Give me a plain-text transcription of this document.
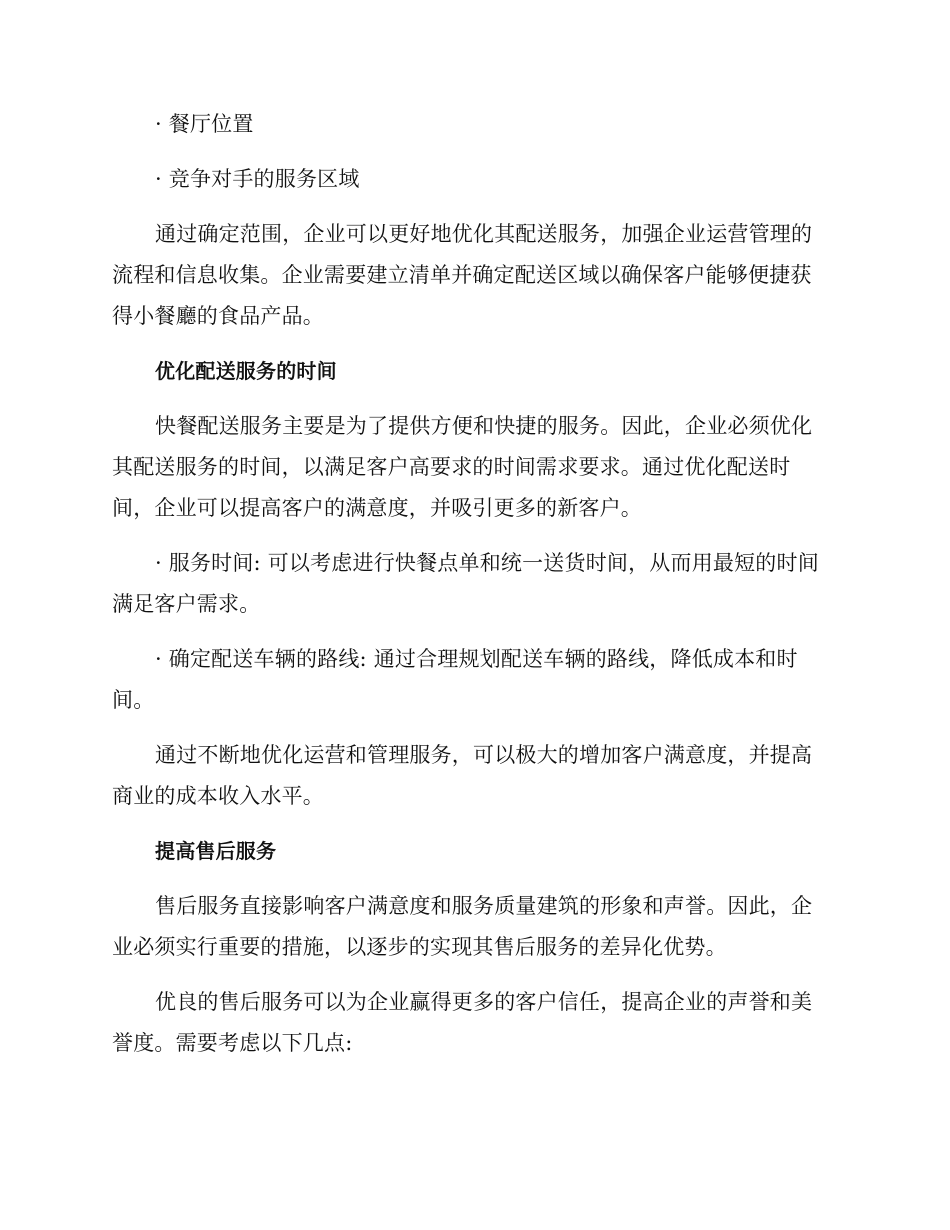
· 餐厅位置

· 竞争对手的服务区域

通过确定范围，企业可以更好地优化其配送服务，加强企业运营管理的

流程和信息收集。企业需要建立清单并确定配送区域以确保客户能够便捷获

得小餐廳的食品产品。

优化配送服务的时间

快餐配送服务主要是为了提供方便和快捷的服务。因此，企业必须优化

其配送服务的时间，以满足客户高要求的时间需求要求。通过优化配送时

间，企业可以提高客户的满意度，并吸引更多的新客户。

· 服务时间: 可以考虑进行快餐点单和统一送货时间，从而用最短的时间

满足客户需求。

· 确定配送车辆的路线: 通过合理规划配送车辆的路线，降低成本和时

间。

通过不断地优化运营和管理服务，可以极大的增加客户满意度，并提高

商业的成本收入水平。

提高售后服务

售后服务直接影响客户满意度和服务质量建筑的形象和声誉。因此，企

业必须实行重要的措施，以逐步的实现其售后服务的差异化优势。

优良的售后服务可以为企业赢得更多的客户信任，提高企业的声誉和美

誉度。需要考虑以下几点:
